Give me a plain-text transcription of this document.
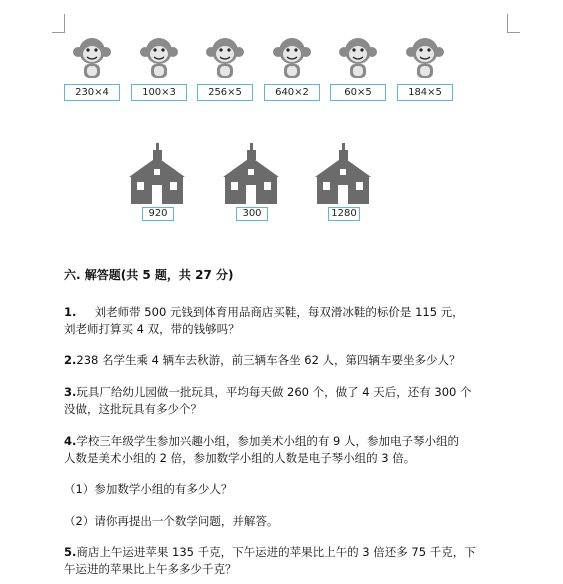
230×4	100×3	256×5	640×2	60×5	184×5
920	300	1280
六. 解答题(共 5 题，共 27 分)
1. 刘老师带 500 元钱到体育用品商店买鞋，每双滑冰鞋的标价是 115 元，
刘老师打算买 4 双，带的钱够吗？
2.238 名学生乘 4 辆车去秋游，前三辆车各坐 62 人，第四辆车要坐多少人？
3.玩具厂给幼儿园做一批玩具，平均每天做 260 个，做了 4 天后，还有 300 个
没做，这批玩具有多少个？
4.学校三年级学生参加兴趣小组，参加美术小组的有 9 人，参加电子琴小组的
人数是美术小组的 2 倍，参加数学小组的人数是电子琴小组的 3 倍。
（1）参加数学小组的有多少人？
（2）请你再提出一个数学问题，并解答。
5.商店上午运进苹果 135 千克，下午运进的苹果比上午的 3 倍还多 75 千克，下
午运进的苹果比上午多多少千克？
